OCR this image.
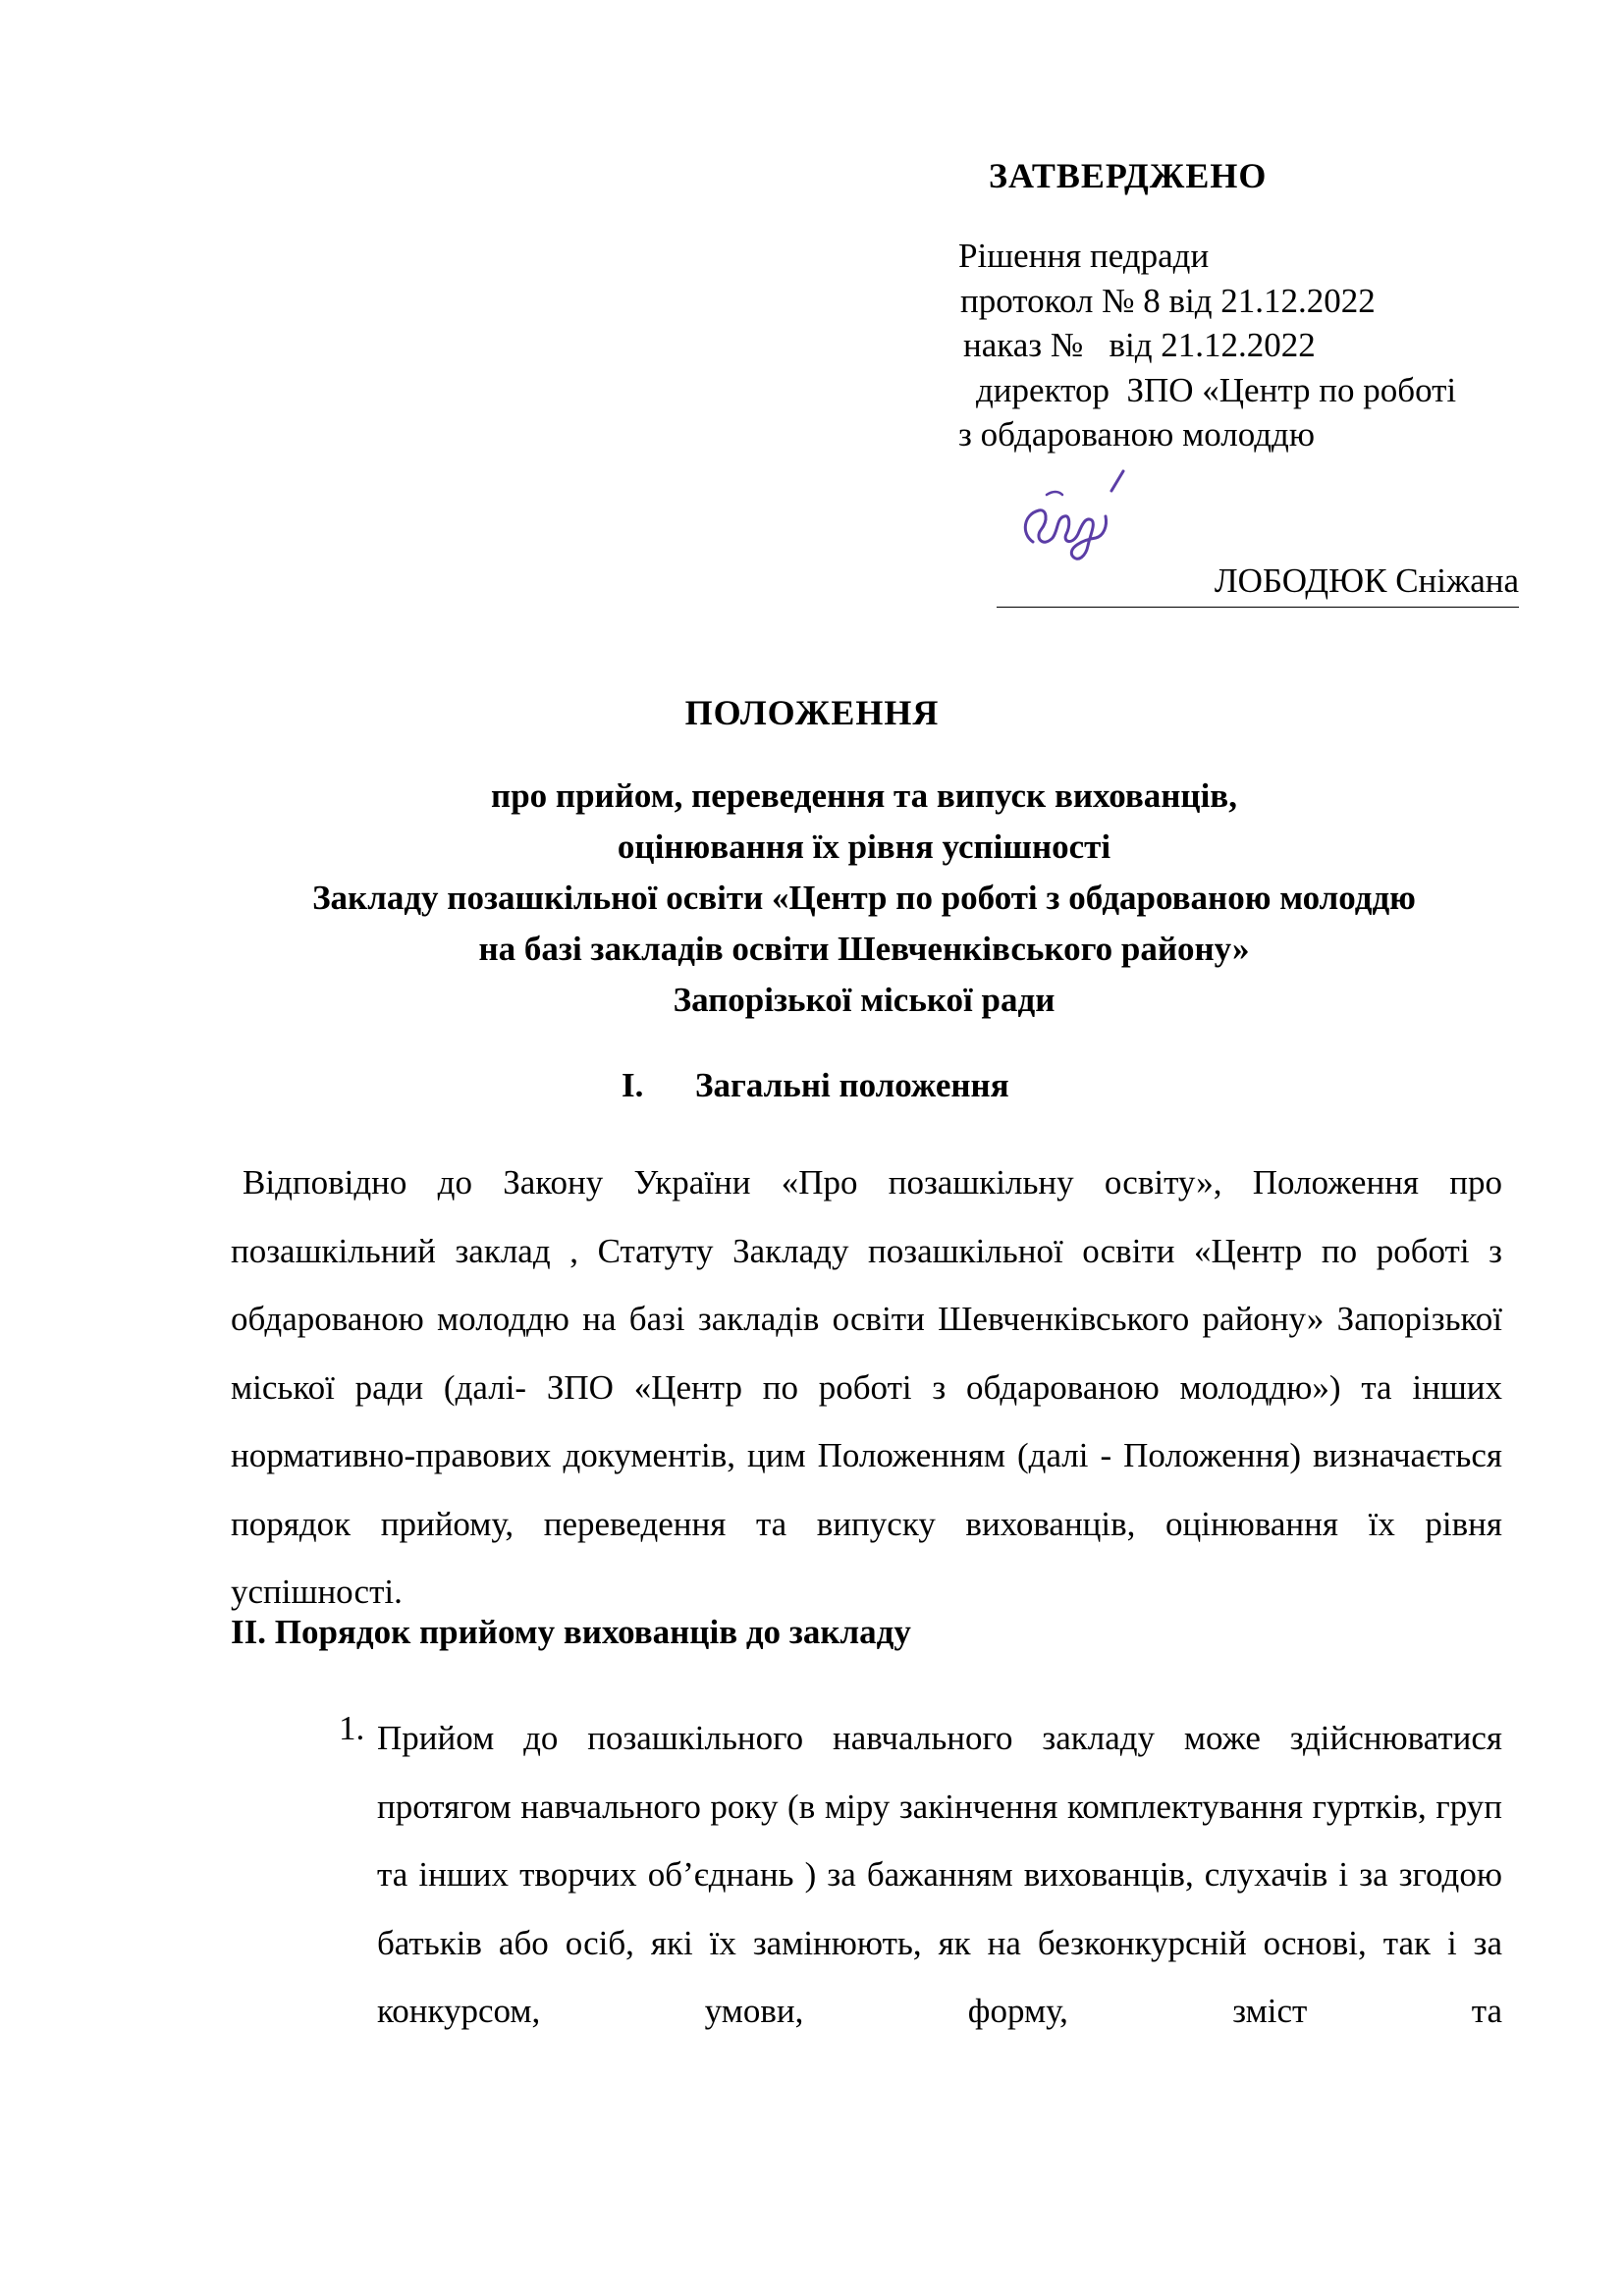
ЗАТВЕРДЖЕНО
Рішення педради
протокол № 8 від 21.12.2022
наказ №   від 21.12.2022
директор  ЗПО «Центр по роботі
з обдарованою молоддю
ЛОБОДЮК Сніжана
ПОЛОЖЕННЯ
про прийом, переведення та випуск вихованців,
оцінювання їх рівня успішності
Закладу позашкільної освіти «Центр по роботі з обдарованою молоддю
на базі закладів освіти Шевченківського району»
Запорізької міської ради
I. Загальні положення

Відповідно до Закону України «Про позашкільну освіту», Положення про позашкільний заклад , Статуту Закладу позашкільної освіти «Центр по роботі з обдарованою молоддю на базі закладів освіти Шевченківського району» Запорізької міської ради (далі- ЗПО «Центр по роботі з обдарованою молоддю») та інших нормативно-правових документів, цим Положенням (далі - Положення) визначається порядок прийому, переведення та випуску вихованців, оцінювання їх рівня успішності.

II. Порядок прийому вихованців до закладу
1. Прийом до позашкільного навчального закладу може здійснюватися протягом навчального року (в міру закінчення комплектування гуртків, груп та інших творчих об’єднань ) за бажанням вихованців, слухачів і за згодою батьків або осіб, які їх замінюють, як на безконкурсній основі, так і за конкурсом, умови, форму, зміст та
